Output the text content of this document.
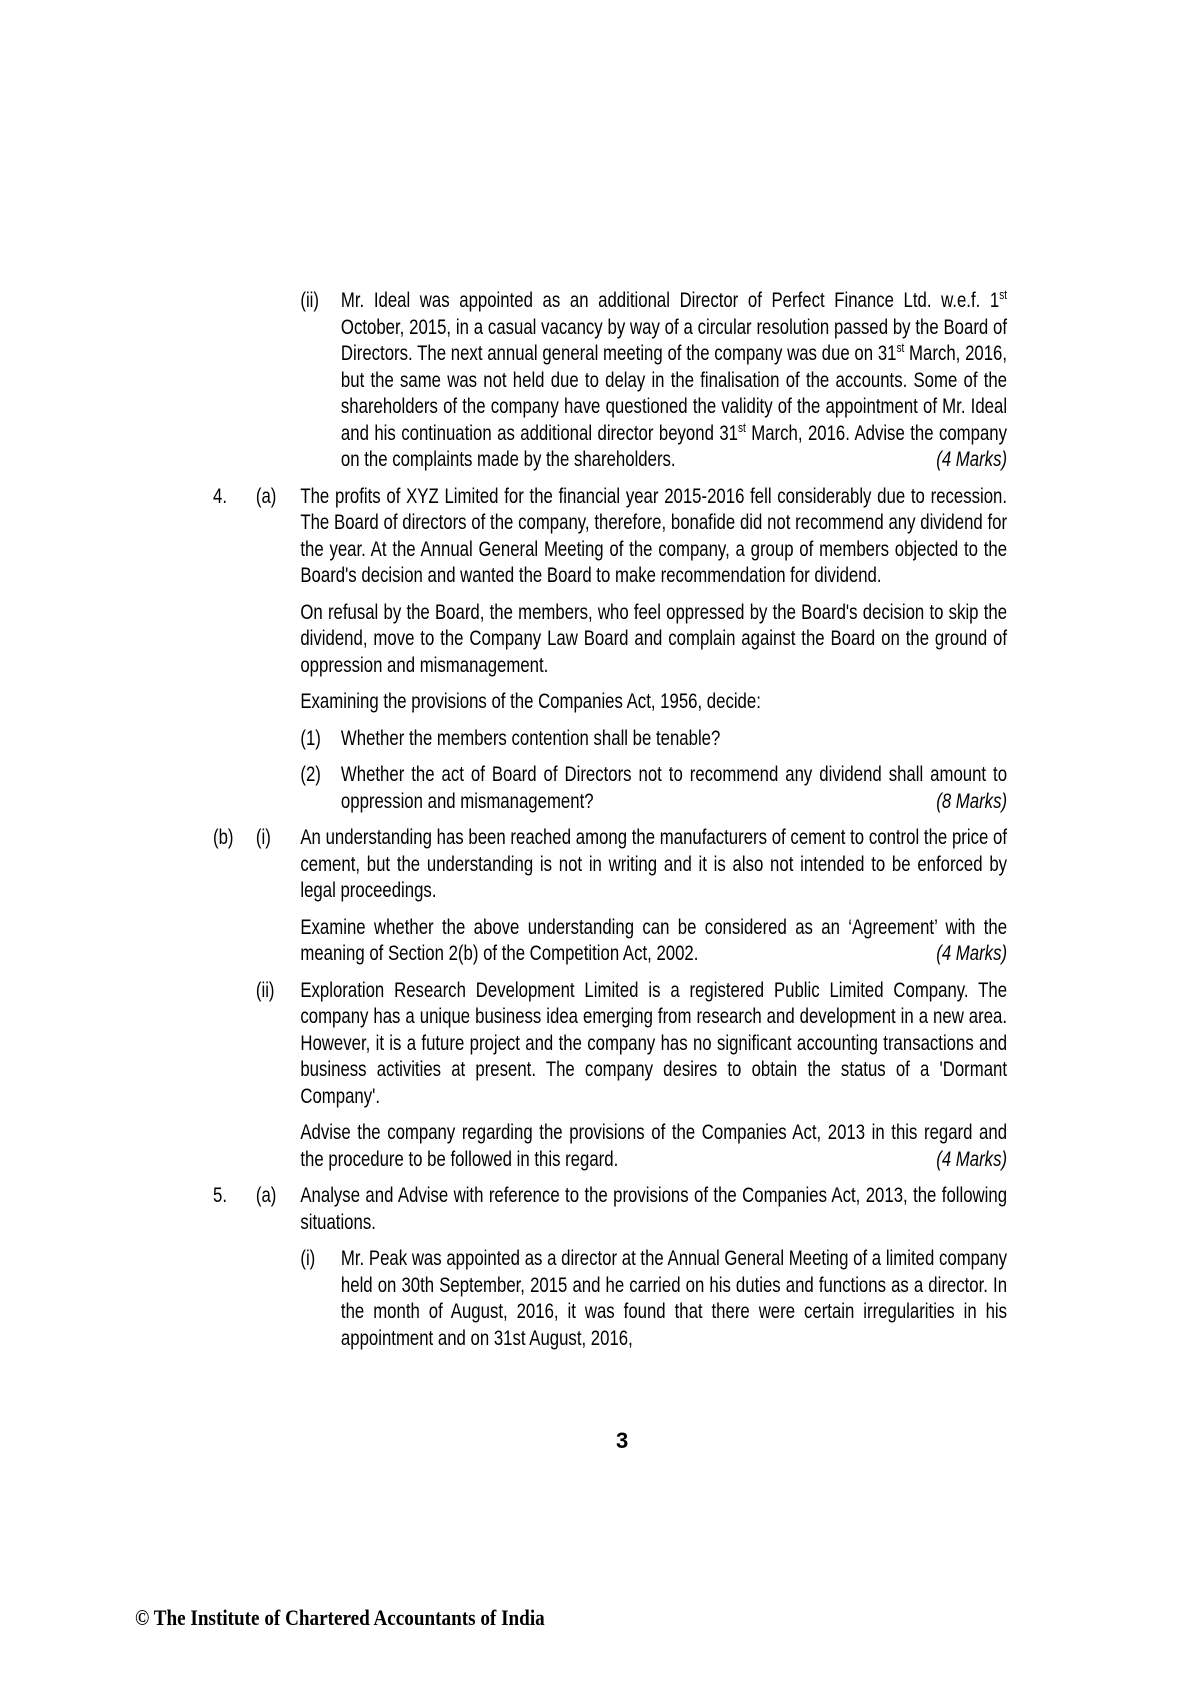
(ii)	Mr. Ideal was appointed as an additional Director of Perfect Finance Ltd. w.e.f. 1st October, 2015, in a casual vacancy by way of a circular resolution passed by the Board of Directors. The next annual general meeting of the company was due on 31st March, 2016, but the same was not held due to delay in the finalisation of the accounts. Some of the shareholders of the company have questioned the validity of the appointment of Mr. Ideal and his continuation as additional director beyond 31st March, 2016. Advise the company on the complaints made by the shareholders.	(4 Marks)

4.	(a)	The profits of XYZ Limited for the financial year 2015-2016 fell considerably due to recession. The Board of directors of the company, therefore, bonafide did not recommend any dividend for the year. At the Annual General Meeting of the company, a group of members objected to the Board's decision and wanted the Board to make recommendation for dividend.

On refusal by the Board, the members, who feel oppressed by the Board's decision to skip the dividend, move to the Company Law Board and complain against the Board on the ground of oppression and mismanagement.

Examining the provisions of the Companies Act, 1956, decide:

(1) Whether the members contention shall be tenable?

(2) Whether the act of Board of Directors not to recommend any dividend shall amount to oppression and mismanagement?	(8 Marks)

(b)	(i)	An understanding has been reached among the manufacturers of cement to control the price of cement, but the understanding is not in writing and it is also not intended to be enforced by legal proceedings.

Examine whether the above understanding can be considered as an ‘Agreement’ with the meaning of Section 2(b) of the Competition Act, 2002.	(4 Marks)

(ii)	Exploration Research Development Limited is a registered Public Limited Company. The company has a unique business idea emerging from research and development in a new area. However, it is a future project and the company has no significant accounting transactions and business activities at present. The company desires to obtain the status of a 'Dormant Company'.

Advise the company regarding the provisions of the Companies Act, 2013 in this regard and the procedure to be followed in this regard.	(4 Marks)

5.	(a)	Analyse and Advise with reference to the provisions of the Companies Act, 2013, the following situations.

(i)	Mr. Peak was appointed as a director at the Annual General Meeting of a limited company held on 30th September, 2015 and he carried on his duties and functions as a director. In the month of August, 2016, it was found that there were certain irregularities in his appointment and on 31st August, 2016,

3
© The Institute of Chartered Accountants of India
